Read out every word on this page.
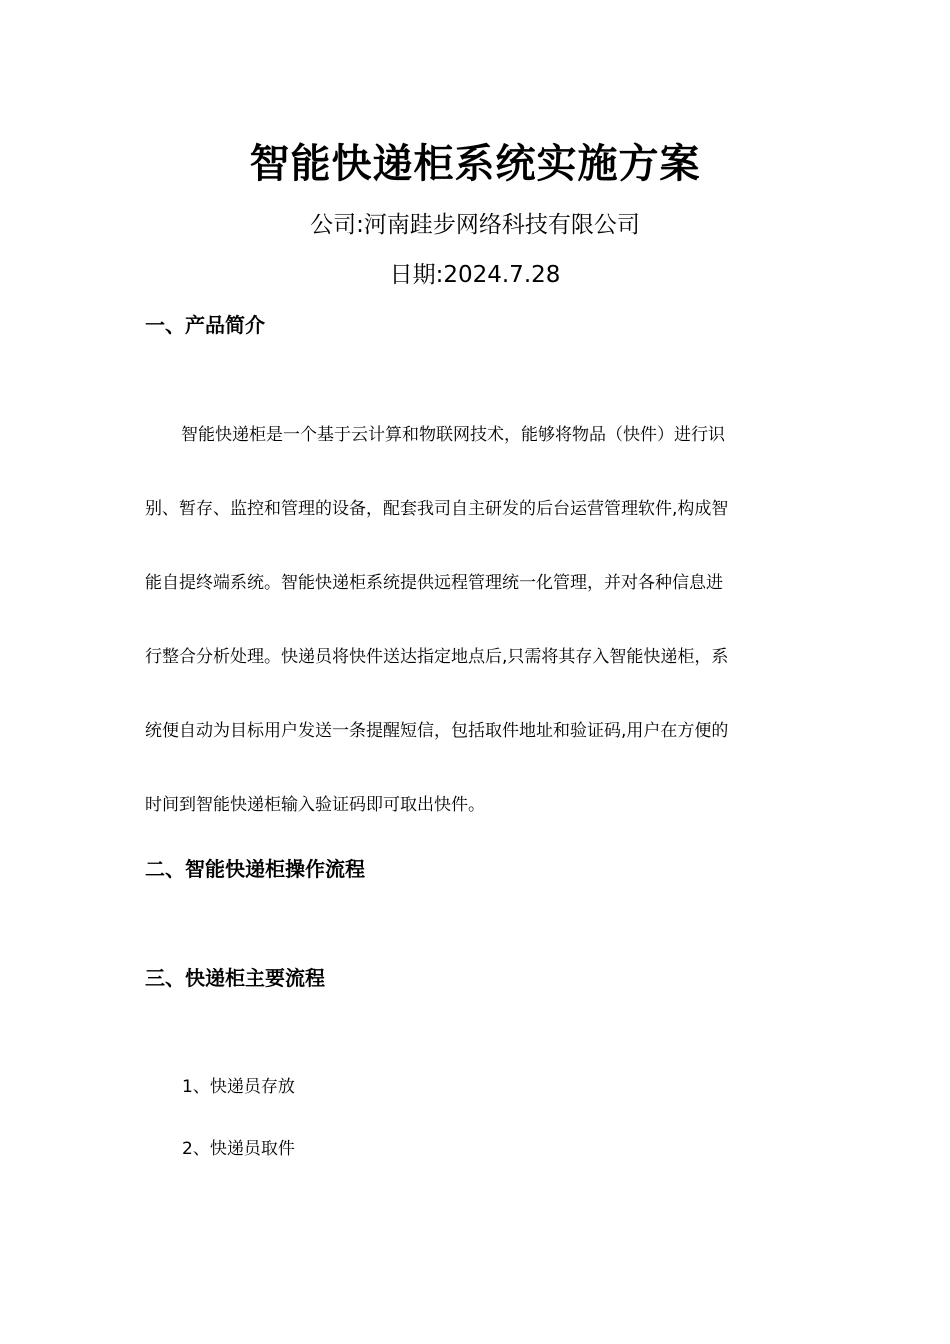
智能快递柜系统实施方案
公司:河南跬步网络科技有限公司
日期:2024.7.28
一、产品简介
智能快递柜是一个基于云计算和物联网技术，能够将物品（快件）进行识
别、暂存、监控和管理的设备，配套我司自主研发的后台运营管理软件,构成智
能自提终端系统。智能快递柜系统提供远程管理统一化管理，并对各种信息进
行整合分析处理。快递员将快件送达指定地点后,只需将其存入智能快递柜，系
统便自动为目标用户发送一条提醒短信，包括取件地址和验证码,用户在方便的
时间到智能快递柜输入验证码即可取出快件。
二、智能快递柜操作流程
三、快递柜主要流程
1、快递员存放
2、快递员取件
